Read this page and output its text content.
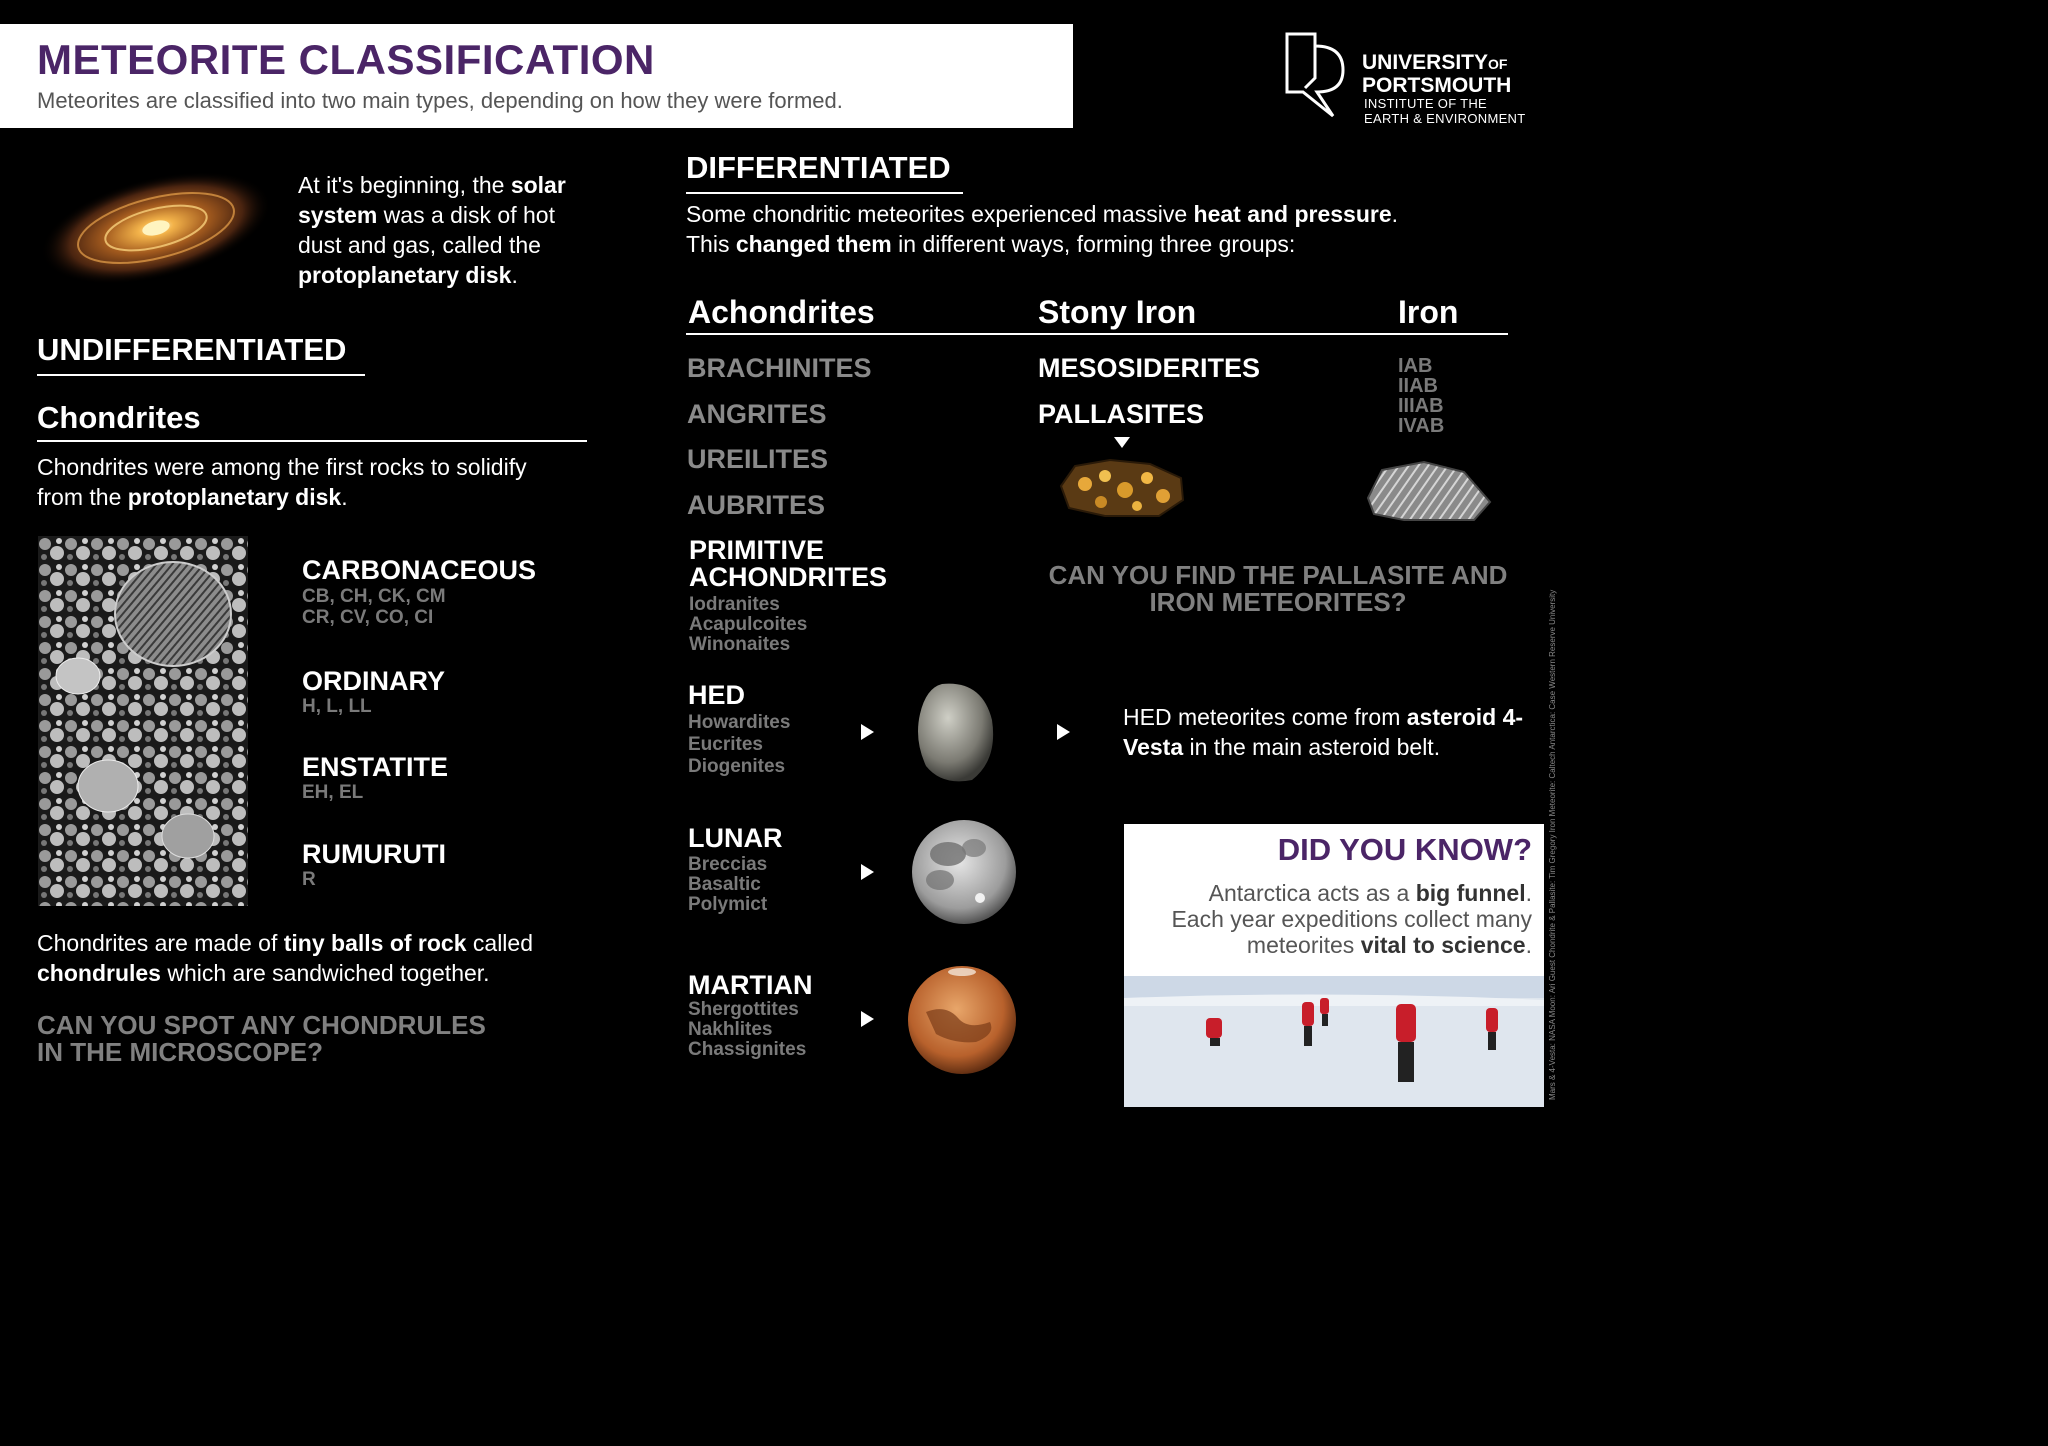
METEORITE CLASSIFICATION
Meteorites are classified into two main types, depending on how they were formed.
UNIVERSITYOF
PORTSMOUTH
INSTITUTE OF THE
EARTH & ENVIRONMENT
At it's beginning, the solar system was a disk of hot dust and gas, called the protoplanetary disk.
UNDIFFERENTIATED
Chondrites
Chondrites were among the first rocks to solidify from the protoplanetary disk.
CARBONACEOUS
CB, CH, CK, CM
CR, CV, CO, CI
ORDINARY
H, L, LL
ENSTATITE
EH, EL
RUMURUTI
R
Chondrites are made of tiny balls of rock called chondrules which are sandwiched together.
CAN YOU SPOT ANY CHONDRULES
IN THE MICROSCOPE?
DIFFERENTIATED
Some chondritic meteorites experienced massive heat and pressure.
This changed them in different ways, forming three groups:
Achondrites	Stony Iron	Iron
BRACHINITES
ANGRITES
UREILITES
AUBRITES
PRIMITIVE
ACHONDRITES
Iodranites
Acapulcoites
Winonaites
MESOSIDERITES
PALLASITES
IAB
IIAB
IIIAB
IVAB
CAN YOU FIND THE PALLASITE AND
IRON METEORITES?
HED
Howardites
Eucrites
Diogenites
HED meteorites come from asteroid 4-Vesta in the main asteroid belt.
LUNAR
Breccias
Basaltic
Polymict
MARTIAN
Shergottites
Nakhlites
Chassignites
DID YOU KNOW?
Antarctica acts as a big funnel.
Each year expeditions collect many
meteorites vital to science. Mars & 4-Vesta: NASA Moon: Ari Guest Chondrite & Pallasite: Tim Gregory Iron Meteorite: Caltech Antarctica: Case Western Reserve University
